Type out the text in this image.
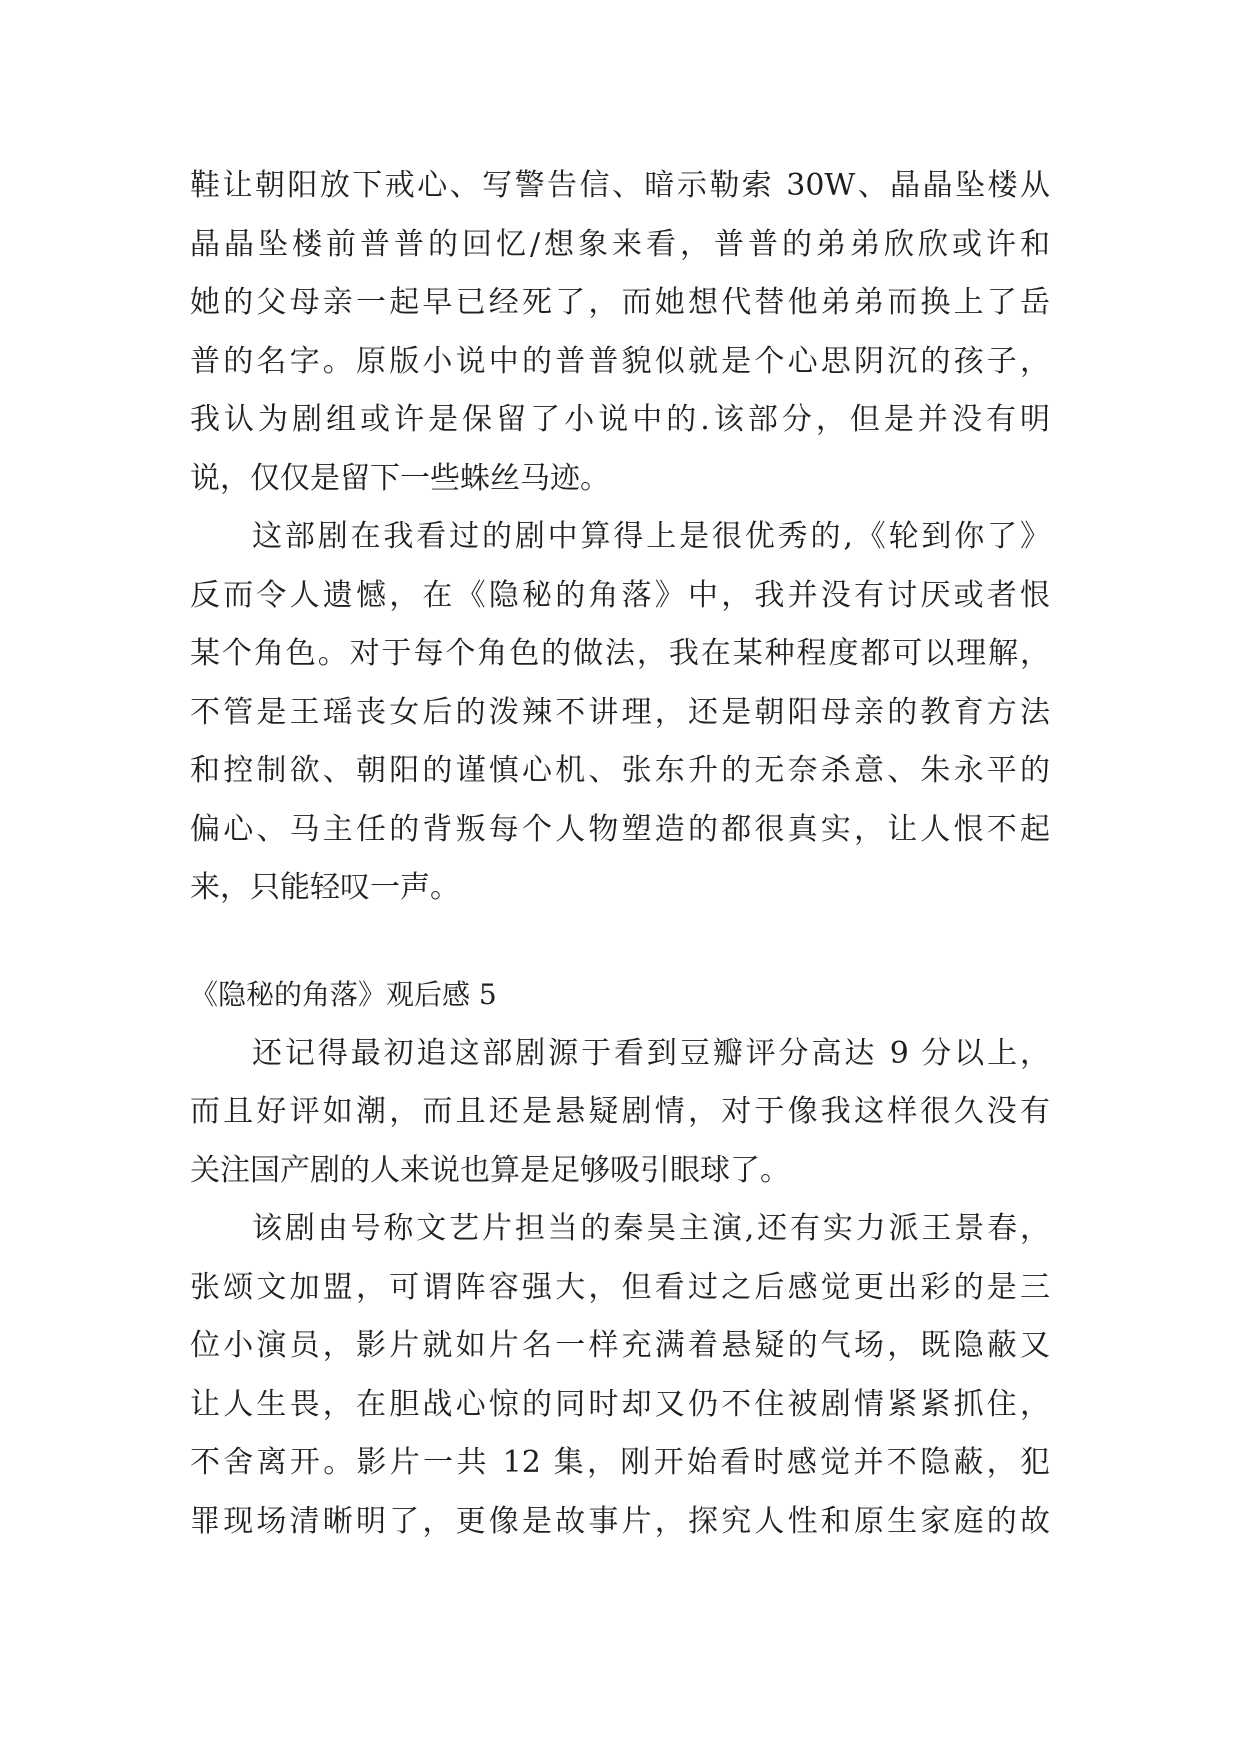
鞋让朝阳放下戒心、写警告信、暗示勒索 30W、晶晶坠楼从
晶晶坠楼前普普的回忆/想象来看，普普的弟弟欣欣或许和
她的父母亲一起早已经死了，而她想代替他弟弟而换上了岳
普的名字。原版小说中的普普貌似就是个心思阴沉的孩子，
我认为剧组或许是保留了小说中的.该部分，但是并没有明
说，仅仅是留下一些蛛丝马迹。
这部剧在我看过的剧中算得上是很优秀的,《轮到你了》
反而令人遗憾，在《隐秘的角落》中，我并没有讨厌或者恨
某个角色。对于每个角色的做法，我在某种程度都可以理解，
不管是王瑶丧女后的泼辣不讲理，还是朝阳母亲的教育方法
和控制欲、朝阳的谨慎心机、张东升的无奈杀意、朱永平的
偏心、马主任的背叛每个人物塑造的都很真实，让人恨不起
来，只能轻叹一声。
《隐秘的角落》观后感 5
还记得最初追这部剧源于看到豆瓣评分高达 9 分以上，
而且好评如潮，而且还是悬疑剧情，对于像我这样很久没有
关注国产剧的人来说也算是足够吸引眼球了。
该剧由号称文艺片担当的秦昊主演,还有实力派王景春，
张颂文加盟，可谓阵容强大，但看过之后感觉更出彩的是三
位小演员，影片就如片名一样充满着悬疑的气场，既隐蔽又
让人生畏，在胆战心惊的同时却又仍不住被剧情紧紧抓住，
不舍离开。影片一共 12 集，刚开始看时感觉并不隐蔽，犯
罪现场清晰明了，更像是故事片，探究人性和原生家庭的故
